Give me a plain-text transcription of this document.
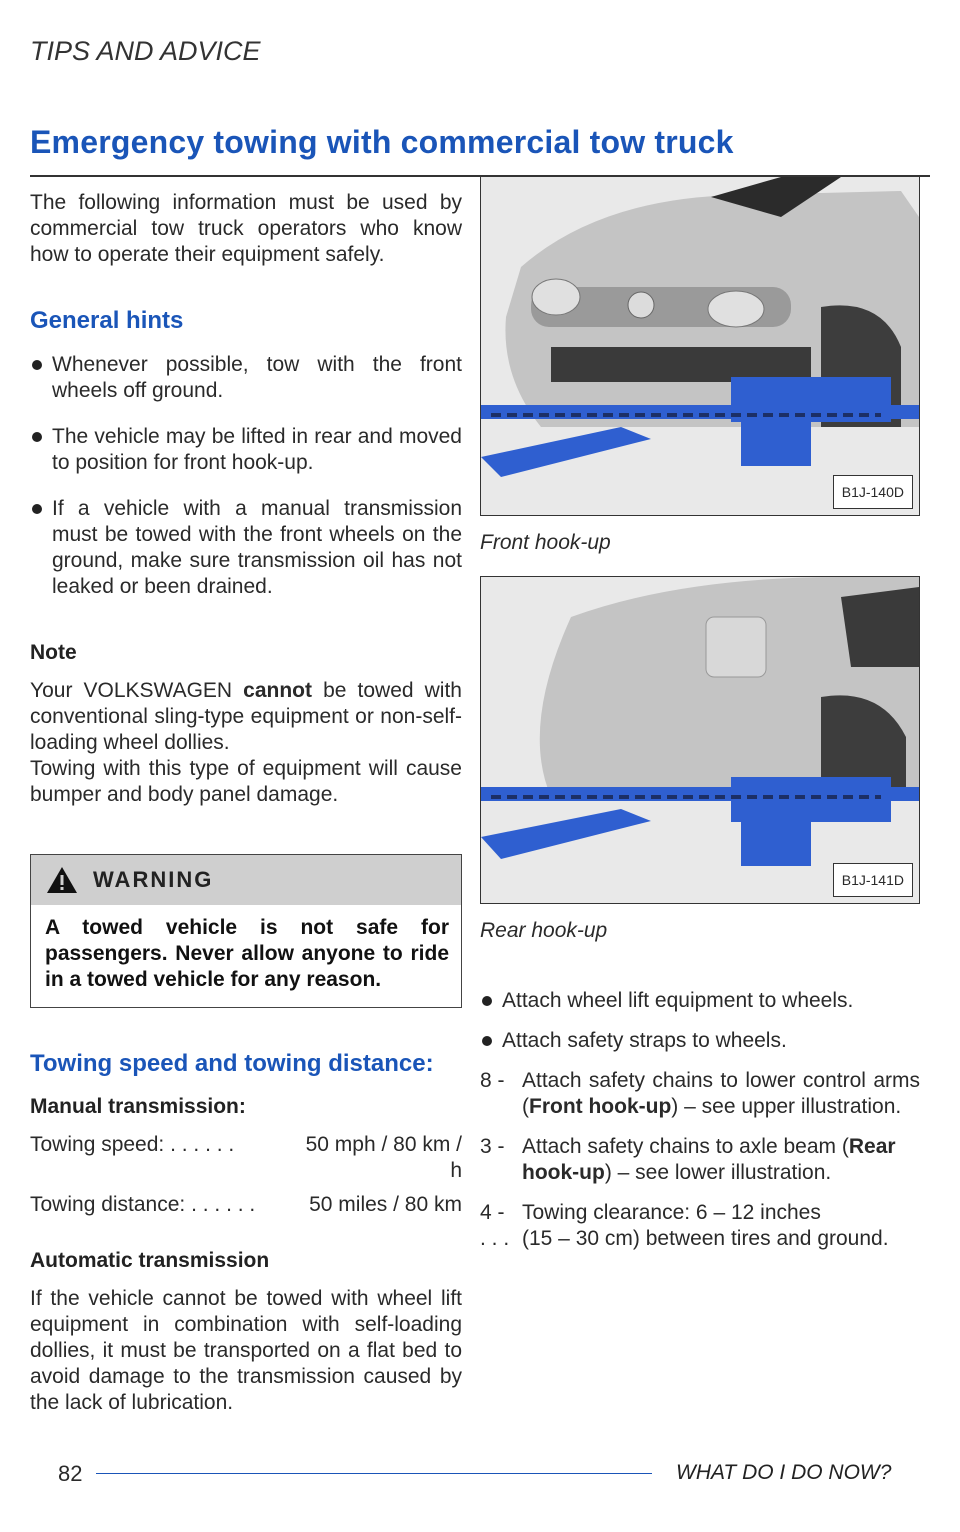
TIPS AND ADVICE
Emergency towing with commercial tow truck

The following information must be used by commercial tow truck operators who know how to operate their equipment safely.

General hints

Whenever possible, tow with the front wheels off ground.

The vehicle may be lifted in rear and moved to position for front hook-up.

If a vehicle with a manual transmission must be towed with the front wheels on the ground, make sure transmission oil has not leaked or been drained.

Note

Your VOLKSWAGEN cannot be towed with conventional sling-type equipment or non-self-loading wheel dollies.

Towing with this type of equipment will cause bumper and body panel damage.

WARNING
A towed vehicle is not safe for passengers. Never allow anyone to ride in a towed vehicle for any reason.
Towing speed and towing distance:
Manual transmission:
Towing speed: . . . . . .	50 mph / 80 km / h
Towing distance: . . . . . .	50 miles / 80 km
Automatic transmission

If the vehicle cannot be towed with wheel lift equipment in combination with self-loading dollies, it must be transported on a flat bed to avoid damage to the transmission caused by the lack of lubrication.

B1J-140D
Front hook-up
B1J-141D
Rear hook-up

Attach wheel lift equipment to wheels.

Attach safety straps to wheels.

8 - Attach safety chains to lower control arms (Front hook-up) – see upper illustration.
3 - Attach safety chains to axle beam (Rear hook-up) – see lower illustration.
4 - Towing clearance: 6 – 12 inches
. . . (15 – 30 cm) between tires and ground.
82	WHAT DO I DO NOW?
